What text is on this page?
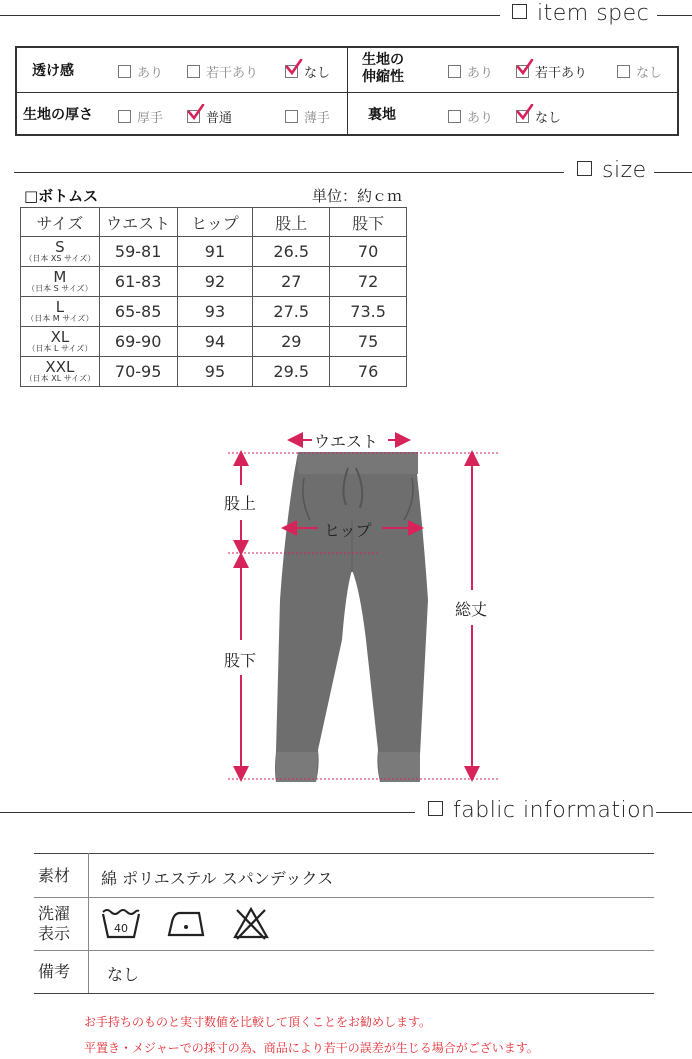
item spec
透け感	あり	若干あり	なし
生地の
伸縮性	あり	若干あり	なし
生地の厚さ	厚手	普通	薄手	裏地	あり	なし
size
□ボトムス	単位：約ｃｍ
サイズ	ウエスト	ヒップ	股上	股下

S
（日本 XS サイズ）	59-81	91	26.5	70

M
（日本 S サイズ）	61-83	92	27	72

L
（日本 M サイズ）	65-85	93	27.5	73.5

XL
（日本 L サイズ）	69-90	94	29	75

XXL
（日本 XL サイズ）	70-95	95	29.5	76
ウエスト
ヒップ
股上
股下
総丈
fablic information
素材 綿 ポリエステル スパンデックス
洗濯
表示	40
備考 なし
お手持ちのものと実寸数値を比較して頂くことをお勧めします。
平置き・メジャーでの採寸の為、商品により若干の誤差が生じる場合がございます。
